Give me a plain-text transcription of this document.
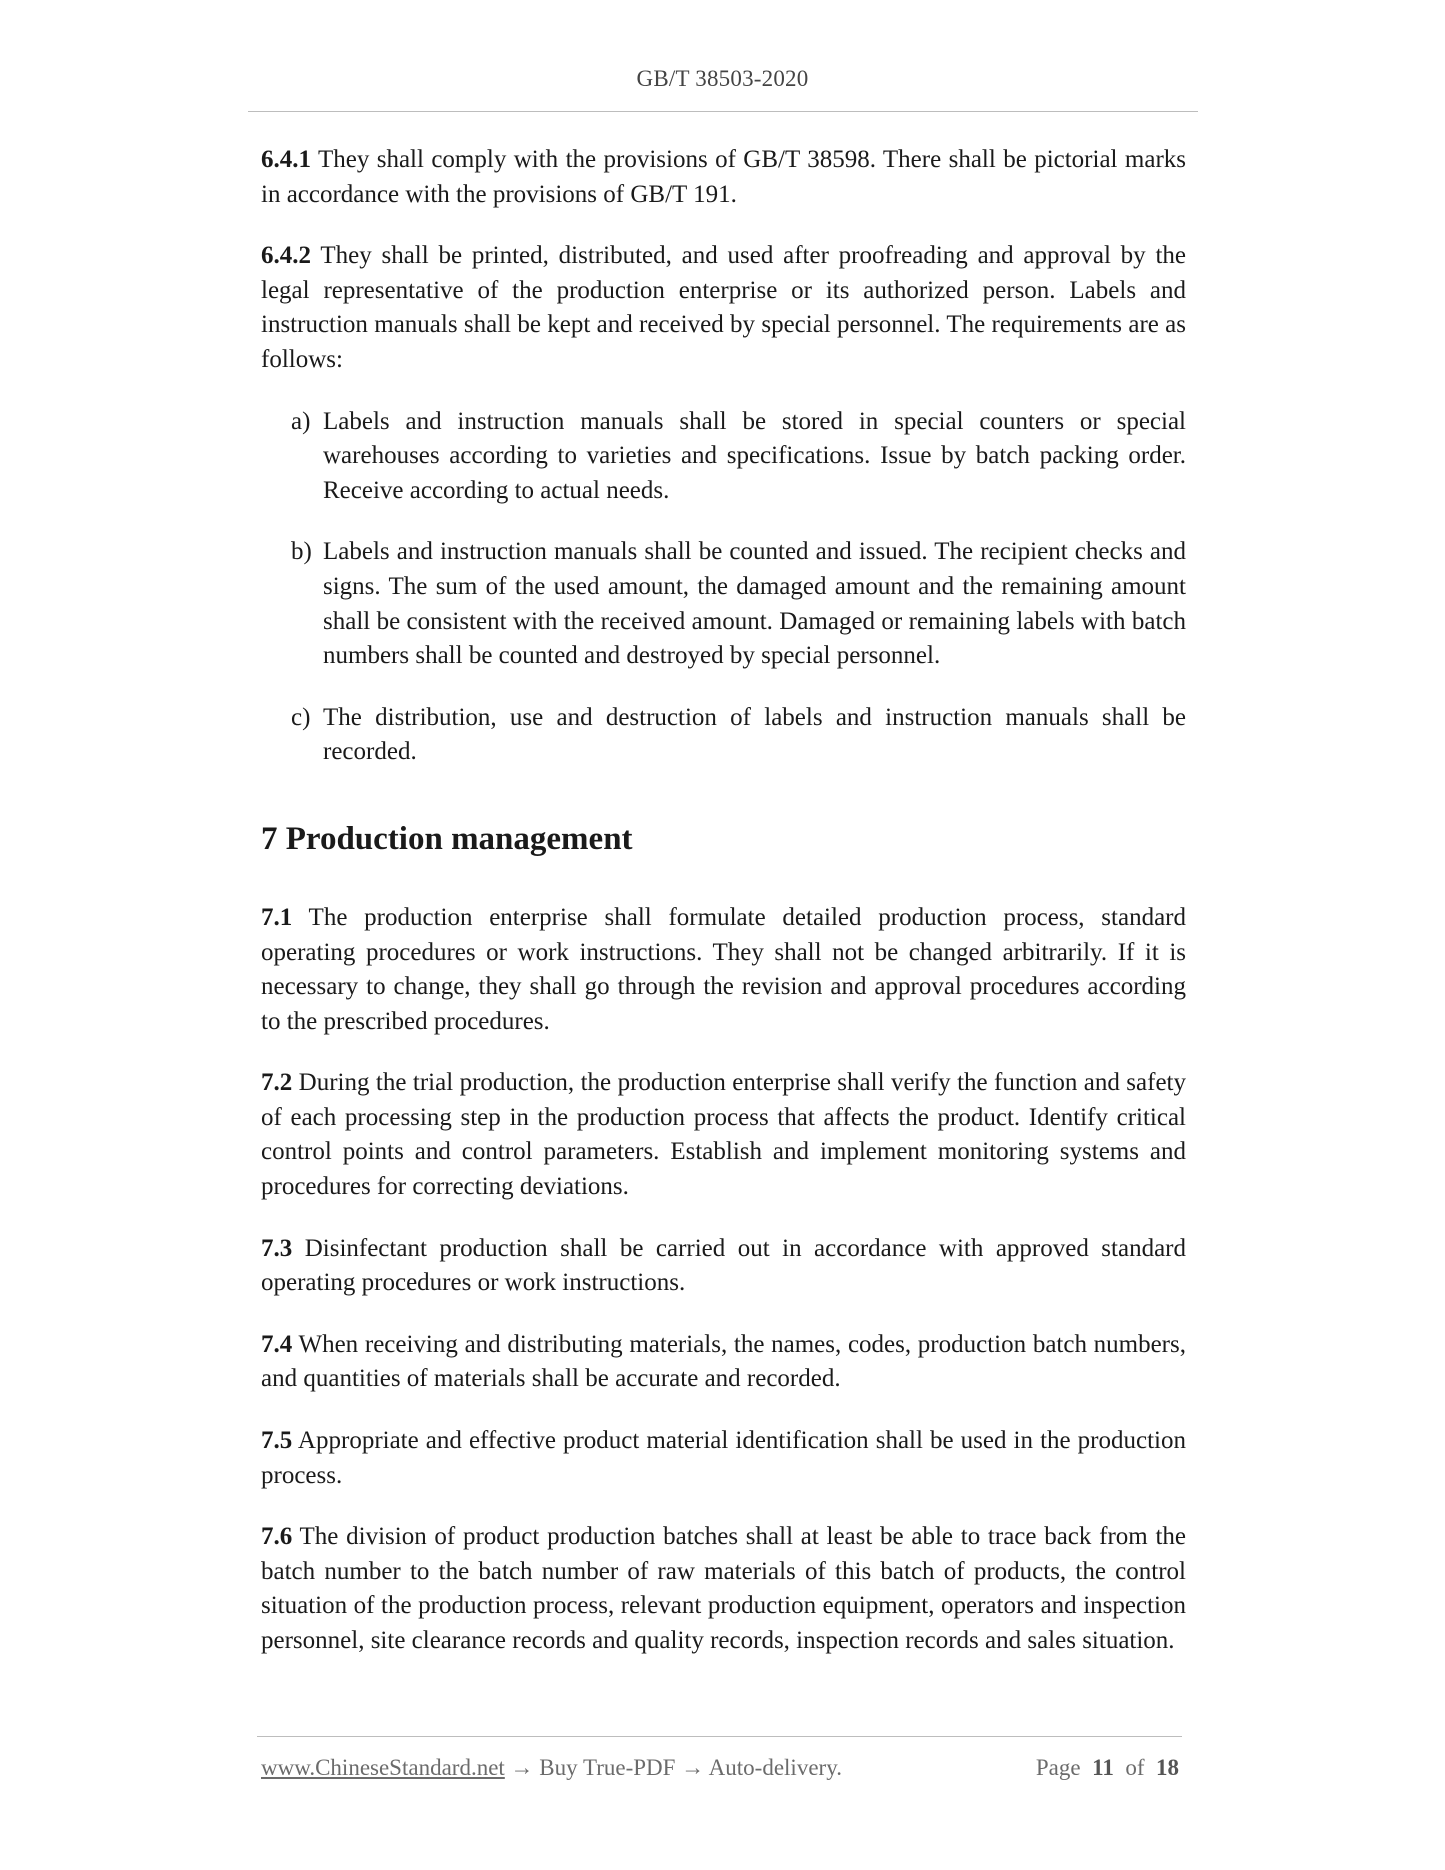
GB/T 38503-2020

6.4.1 They shall comply with the provisions of GB/T 38598. There shall be pictorial marks in accordance with the provisions of GB/T 191.

6.4.2 They shall be printed, distributed, and used after proofreading and approval by the legal representative of the production enterprise or its authorized person. Labels and instruction manuals shall be kept and received by special personnel. The requirements are as follows:

a) Labels and instruction manuals shall be stored in special counters or special warehouses according to varieties and specifications. Issue by batch packing order. Receive according to actual needs.

b) Labels and instruction manuals shall be counted and issued. The recipient checks and signs. The sum of the used amount, the damaged amount and the remaining amount shall be consistent with the received amount. Damaged or remaining labels with batch numbers shall be counted and destroyed by special personnel.

c) The distribution, use and destruction of labels and instruction manuals shall be recorded.

7 Production management

7.1 The production enterprise shall formulate detailed production process, standard operating procedures or work instructions. They shall not be changed arbitrarily. If it is necessary to change, they shall go through the revision and approval procedures according to the prescribed procedures.

7.2 During the trial production, the production enterprise shall verify the function and safety of each processing step in the production process that affects the product. Identify critical control points and control parameters. Establish and implement monitoring systems and procedures for correcting deviations.

7.3 Disinfectant production shall be carried out in accordance with approved standard operating procedures or work instructions.

7.4 When receiving and distributing materials, the names, codes, production batch numbers, and quantities of materials shall be accurate and recorded.

7.5 Appropriate and effective product material identification shall be used in the production process.

7.6 The division of product production batches shall at least be able to trace back from the batch number to the batch number of raw materials of this batch of products, the control situation of the production process, relevant production equipment, operators and inspection personnel, site clearance records and quality records, inspection records and sales situation.

www.ChineseStandard.net → Buy True-PDF → Auto-delivery.	Page 11 of 18
